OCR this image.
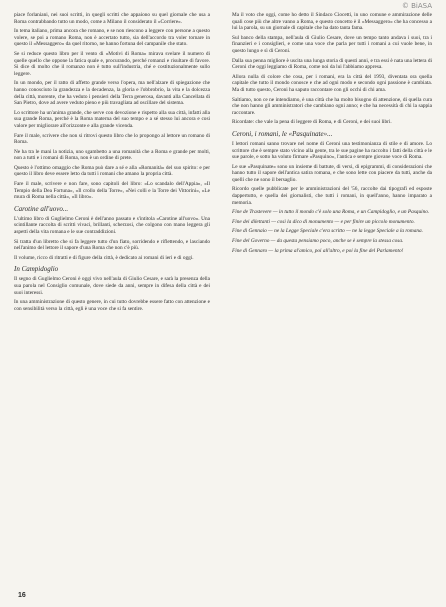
© BiASA

piace forlaniani, nei suoi scritti, in quegli scritti che appaiono su quel giornale che usa a Roma contrabbando tutto un modo, come a Milano il considerato il «Corriere».

In tema italiano, prima ancora che romano, e se non riescono a leggere con persone a questo volere, se poi a romano Roma, non è accertato tutto, sia dell'accordo tra voler tornare in questo il «Messaggero» da quel ritorno, ne hanno fortuna del campanile che stato.

Se si reduce questo libro per il vento di «Motivi di Roma» mirava svelare il numero di quelle quello che oppone la fatica quale e, procurando, perché romanzi e risultare di favore. Si dice di molto che il romanzo non è tutto sull'industria, ché e costituzionalmente sullo leggere.

In un mondo, per il ratto di affetto grande verso l'opera, ma nell'alzare di spiegazione che hanno conosciuto la grandezza e la decadenza, la gloria e l'obbrobrio, la vita e la dolcezza della città, morente, che ha veduto i pensieri della Terra generosa, davanti alla Cancellata di San Pietro, dove ad avere veduto pieno e più travagliata ad oscillare del sistema.

Lo scrittore ha un'anima grande, che serve con devozione e rispetto alla sua città, infatti alla sua grande Roma, perché è la Roma materna del suo tempo e a sé stesso lui ancora e cosi valore per migliorare all'orizzonte e alla grande vicenda.

Fare il male, scrivere che non si ritrovi questo libro che lo propongo al lettore un romano di Roma.

Ne ha tra le mani la notizia, uno sgambetto a una romanità che a Roma e grande per molti, non a tutti e i romani di Roma, non è un ordine di prete.

Questo è l'ottimo omaggio che Roma può dare a sé e alla «Romanità» del suo spirito: e per questo il libro deve essere letto da tutti i romani che amano la propria città.

Fare il male, scrivere e non fare, sono capitoli del libro: «Lo scandalo dell'Appia», «Il Tempio della Dea Fortuna», «Il crollo della Torre», «Nei colli e la Torre dei Vittorini», «Le mura di Roma nella città», «Il libro».

Carotine all'uovo...

L'ultimo libro di Guglielmo Ceroni è dell'anno passato e s'intitola «Carotine all'uovo». Una scintillante raccolta di scritti vivaci, brillanti, scherzosi, che colgono con mano leggera gli aspetti della vita romana e le sue contraddizioni.

Si tratta d'un libretto che si fa leggere tutto d'un fiato, sorridendo e riflettendo, e lasciando nell'animo del lettore il sapore d'una Roma che non c'è più.

Il volume, ricco di ritratti e di figure della città, è dedicato ai romani di ieri e di oggi.

In Campidoglio

Il segno di Guglielmo Ceroni è oggi vivo nell'aula di Giulio Cesare, e sarà la presenza della sua parola nel Consiglio comunale, dove siede da anni, sempre in difesa della città e dei suoi interessi.

In una amministrazione di questo genere, in cui tutto dovrebbe essere fatto con attenzione e con sensibilità verso la città, egli è una voce che si fa sentire.

Ma il voto che oggi, come ho detto il Sindaco Ciocetti, in uno comune e ammirazione delle quali cose più che altre vanno a Roma, e questo concetto è il «Messaggero» che ha concesso a lui la parola, su un giornale di capitale che ha dato tanta fama.

Sul banco della stampa, nell'aula di Giulio Cesare, dove un tempo tanto andava i suoi, tra i finanzieri e i consiglieri, e come una voce che parla per tutti i romani a cui vuole bene, in questo lungo e sì di Ceroni.

Dalla sua penna migliore è uscita una lunga storia di questi anni, e tra essi è nata una lettera di Ceroni che oggi leggiamo di Roma, come noi da lui l'abbiamo appresa.

Allora nulla di colore che cosa, per i romani, era la città del 1993, diventata ora quella capitale che tutto il mondo conosce e che ad ogni modo e secondo ogni passione è cambiata. Ma di tutto questo, Ceroni ha saputo raccontare con gli occhi di chi ama.

Saltiamo, non ce ne intendiamo, è una città che ha molto bisogno di attenzione, di quella cura che non hanno gli amministratori che cambiano ogni anno; e che ha necessità di chi la sappia raccontare.

Ricordate: che vale la pena di leggere di Roma, e di Ceroni, e dei suoi libri.

Ceroni, i romani, le «Pasquinate»...

I lettori romani sanno trovare nel nome di Ceroni una testimonianza di stile e di amore. Lo scrittore che è sempre stato vicino alla gente, tra le sue pagine ha raccolto i fatti della città e le sue parole, e sotto ha voluto firmare «Pasquino», l'antica e sempre giovane voce di Roma.

Le sue «Pasquinate» sono un insieme di battute, di versi, di epigrammi, di considerazioni che hanno tutto il sapore dell'antica satira romana, e che sono lette con piacere da tutti, anche da quelli che ne sono il bersaglio.

Ricordo quelle pubblicate per le amministrazioni del '56, raccolte dai tipografi ed esposte dappertutto, e quella dei giornalisti, che tutti i romani, in quell'anno, hanno imparato a memoria.

Fine de Trastevere — in tutto il mondo c'è solo una Roma, e un Campidoglio, e un Pasquino.

Fine dei dilettanti — così la dico di monumento — e per finire un piccolo monumento.

Fine di Gennaio — ne la Legge Speciale c'era scritto — ne la legge Speciale a la romana.

Fine del Governo — da questa pensiamo poco, anche se è sempre la stessa cosa.

Fine di Gennaro — la prima al'amico, poi all'altro, e poi la fine del Parlamento!

16
